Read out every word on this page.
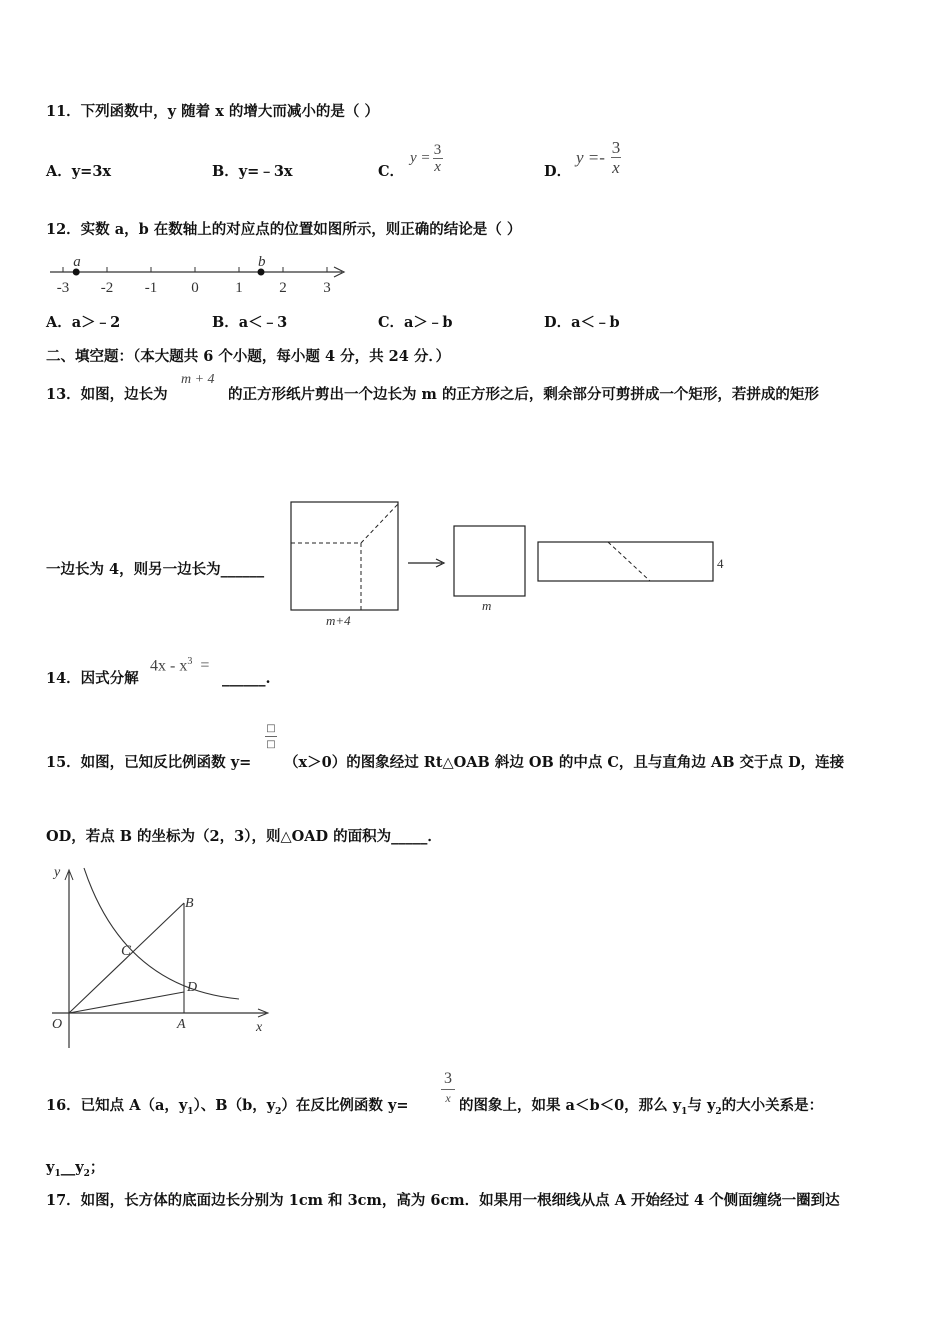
11．下列函数中，y 随着 x 的增大而减小的是（ ）
A．y=3x	B．y=﹣3x	C．
$y = \frac{3}{x}$	D．
$y =- \frac{3}{x}$
12．实数 a，b 在数轴上的对应点的位置如图所示，则正确的结论是（ ）
-3 -2 -1 0 1 2 3
a	b
A．a＞﹣2	B．a＜﹣3	C．a＞﹣b	D．a＜﹣b
二、填空题：（本大题共 6 个小题，每小题 4 分，共 24 分．）
13．如图，边长为
m + 4
的正方形纸片剪出一个边长为 m 的正方形之后，剩余部分可剪拼成一个矩形，若拼成的矩形
一边长为 4，则另一边长为______
m+4
m
4
14．因式分解
$4x - x^3$ =
______.
15．如图，已知反比例函数 y=
□
□
（x＞0）的图象经过 Rt△OAB 斜边 OB 的中点 C，且与直角边 AB 交于点 D，连接
OD，若点 B 的坐标为（2，3），则△OAD 的面积为_____．
y
x
O	A
B
C
D
16．已知点 A（a，$y_1$）、B（b，$y_2$）在反比例函数 y=
3
x 的图象上，如果 a＜b＜0，那么 $y_1$与 $y_2$的大小关系是：
$y_1\_\_y_2$；
17．如图，长方体的底面边长分别为 1cm 和 3cm，高为 6cm．如果用一根细线从点 A 开始经过 4 个侧面缠绕一圈到达
